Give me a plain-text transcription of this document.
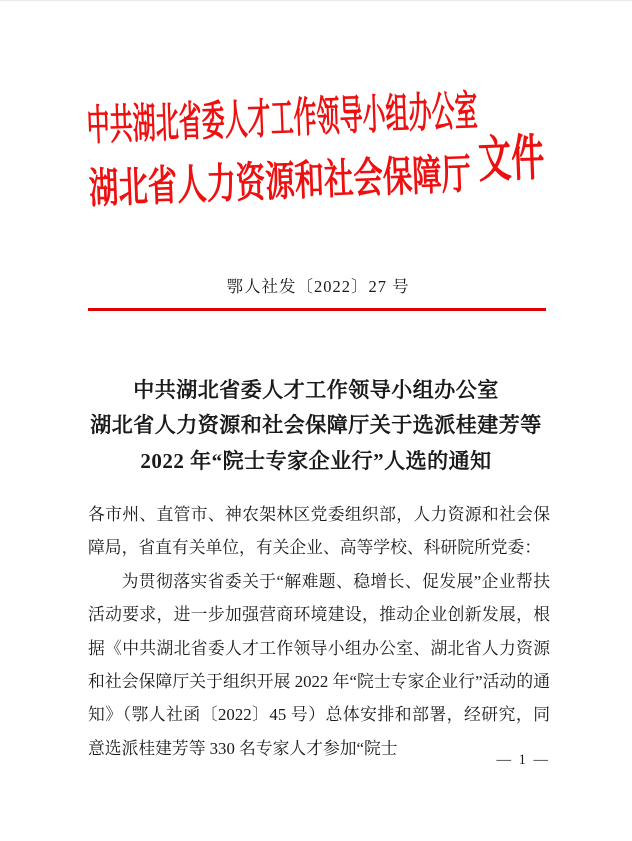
中共湖北省委人才工作领导小组办公室
湖北省人力资源和社会保障厅 文件
鄂人社发〔2022〕27 号
中共湖北省委人才工作领导小组办公室
湖北省人力资源和社会保障厅关于选派桂建芳等
2022 年“院士专家企业行”人选的通知
各市州、直管市、神农架林区党委组织部，人力资源和社会保障局，省直有关单位，有关企业、高等学校、科研院所党委：
为贯彻落实省委关于“解难题、稳增长、促发展”企业帮扶活动要求，进一步加强营商环境建设，推动企业创新发展，根据《中共湖北省委人才工作领导小组办公室、湖北省人力资源和社会保障厅关于组织开展 2022 年“院士专家企业行”活动的通知》（鄂人社函〔2022〕45 号）总体安排和部署，经研究，同意选派桂建芳等 330 名专家人才参加“院士
— 1 —
